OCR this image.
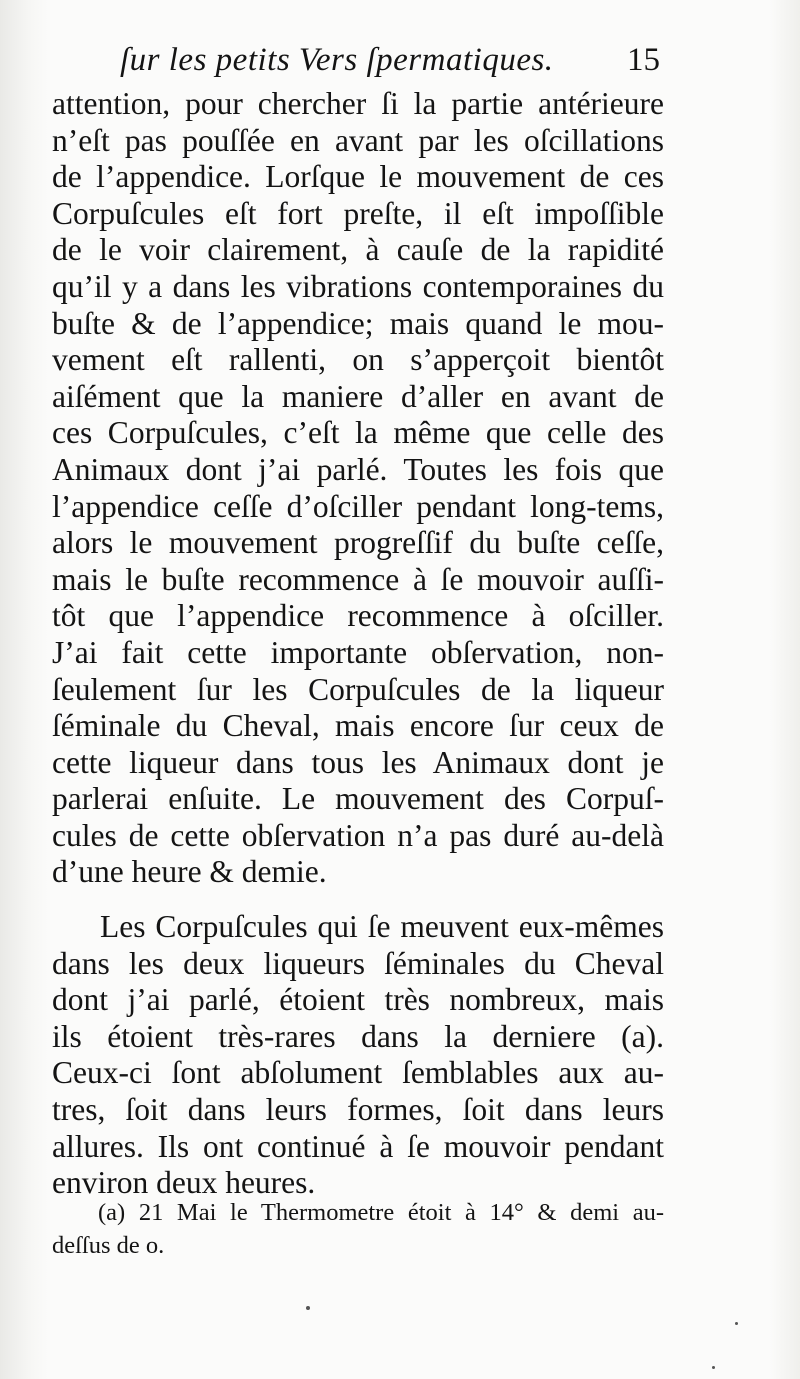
ſur les petits Vers ſpermatiques. 15
attention, pour chercher ſi la partie antérieure
n’eſt pas pouſſée en avant par les oſcillations
de l’appendice. Lorſque le mouvement de ces
Corpuſcules eſt fort preſte, il eſt impoſſible
de le voir clairement, à cauſe de la rapidité
qu’il y a dans les vibrations contemporaines du
buſte & de l’appendice; mais quand le mou-
vement eſt rallenti, on s’apperçoit bientôt
aiſément que la maniere d’aller en avant de
ces Corpuſcules, c’eſt la même que celle des
Animaux dont j’ai parlé. Toutes les fois que
l’appendice ceſſe d’oſciller pendant long-tems,
alors le mouvement progreſſif du buſte ceſſe,
mais le buſte recommence à ſe mouvoir auſſi-
tôt que l’appendice recommence à oſciller.
J’ai fait cette importante obſervation, non-
ſeulement ſur les Corpuſcules de la liqueur
ſéminale du Cheval, mais encore ſur ceux de
cette liqueur dans tous les Animaux dont je
parlerai enſuite. Le mouvement des Corpuſ-
cules de cette obſervation n’a pas duré au-delà
d’une heure & demie.
Les Corpuſcules qui ſe meuvent eux-mêmes
dans les deux liqueurs ſéminales du Cheval
dont j’ai parlé, étoient très nombreux, mais
ils étoient très-rares dans la derniere (a).
Ceux-ci ſont abſolument ſemblables aux au-
tres, ſoit dans leurs formes, ſoit dans leurs
allures. Ils ont continué à ſe mouvoir pendant
environ deux heures.
(a) 21 Mai le Thermometre étoit à 14° & demi au-
deſſus de o.
